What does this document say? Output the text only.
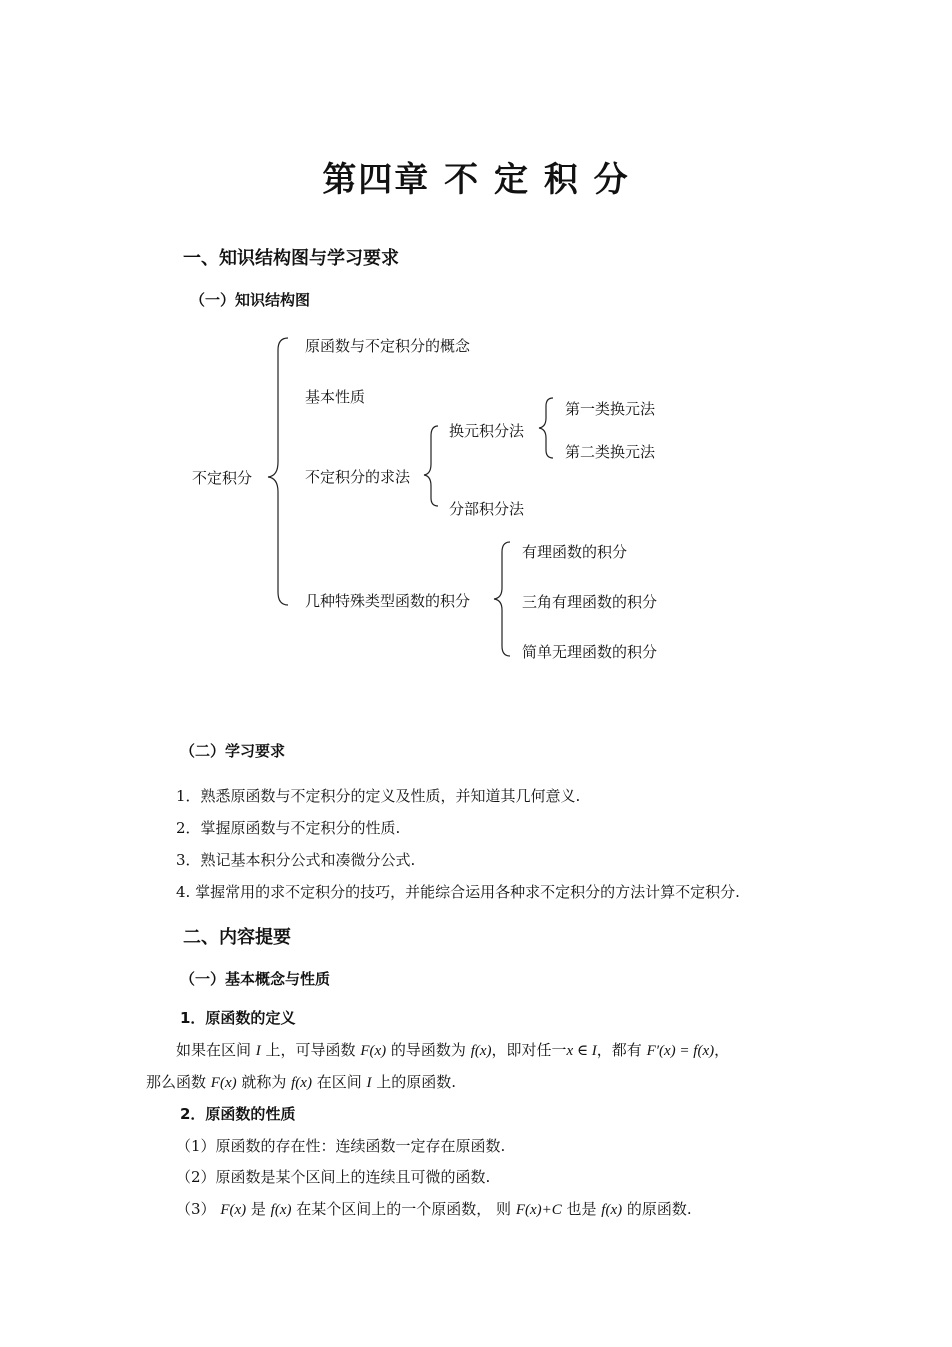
第四章 不 定 积 分
一、知识结构图与学习要求
（一）知识结构图
不定积分
原函数与不定积分的概念
基本性质
不定积分的求法
几种特殊类型函数的积分
换元积分法
分部积分法
第一类换元法
第二类换元法
有理函数的积分
三角有理函数的积分
简单无理函数的积分
（二）学习要求
1．熟悉原函数与不定积分的定义及性质，并知道其几何意义.
2．掌握原函数与不定积分的性质.
3．熟记基本积分公式和凑微分公式.
4. 掌握常用的求不定积分的技巧，并能综合运用各种求不定积分的方法计算不定积分.
二、内容提要
（一）基本概念与性质
1．原函数的定义
如果在区间 I 上，可导函数 F(x) 的导函数为 f(x)，即对任一x ∈ I，都有 F′(x) = f(x)，
那么函数 F(x) 就称为 f(x) 在区间 I 上的原函数.
2．原函数的性质
（1）原函数的存在性：连续函数一定存在原函数.
（2）原函数是某个区间上的连续且可微的函数.
（3） F(x) 是 f(x) 在某个区间上的一个原函数， 则 F(x)+C 也是 f(x) 的原函数.
